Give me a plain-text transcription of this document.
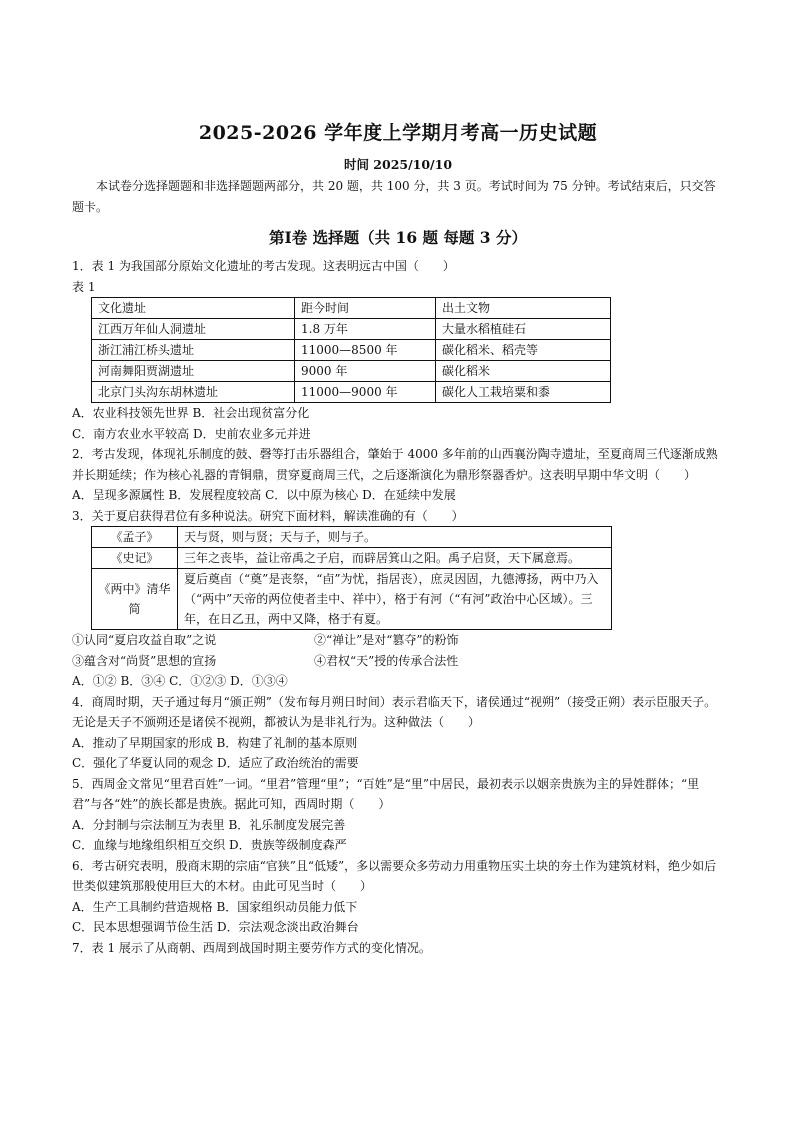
2025-2026 学年度上学期月考高一历史试题
时间 2025/10/10

本试卷分选择题题和非选择题题两部分，共 20 题，共 100 分，共 3 页。考试时间为 75 分钟。考试结束后，只交答题卡。

第Ⅰ卷 选择题（共 16 题 每题 3 分）

1．表 1 为我国部分原始文化遗址的考古发现。这表明远古中国（　　）

表 1

文化遗址	距今时间	出土文物
江西万年仙人洞遗址	1.8 万年	大量水稻植硅石
浙江浦江桥头遗址	11000—8500 年	碳化稻米、稻壳等
河南舞阳贾湖遗址	9000 年	碳化稻米
北京门头沟东胡林遗址	11000—9000 年	碳化人工栽培粟和黍

A．农业科技领先世界 B．社会出现贫富分化

C．南方农业水平较高 D．史前农业多元并进

2．考古发现，体现礼乐制度的鼓、磬等打击乐器组合，肇始于 4000 多年前的山西襄汾陶寺遗址，至夏商周三代逐渐成熟并长期延续；作为核心礼器的青铜鼎，贯穿夏商周三代，之后逐渐演化为鼎形祭器香炉。这表明早期中华文明（　　）

A．呈现多源属性 B．发展程度较高 C．以中原为核心 D．在延续中发展

3．关于夏启获得君位有多种说法。研究下面材料，解读准确的有（　　）

《孟子》	天与贤，则与贤；天与子，则与子。
《史记》	三年之丧毕，益让帝禹之子启，而辟居箕山之阳。禹子启贤，天下属意焉。
《两中》清华简	夏后奠卣（“奠”是丧祭，“卣”为忧，指居丧），庶灵因固，九德溥扬，两中乃入（“两中”天帝的两位使者圭中、祥中），格于有河（“有河”政治中心区域）。三年，在日乙丑，两中又降，格于有夏。
①认同“夏启攻益自取”之说	②“禅让”是对“篡夺”的粉饰
③蕴含对“尚贤”思想的宣扬	④君权“天”授的传承合法性

A．①② B．③④ C．①②③ D．①③④

4．商周时期，天子通过每月“颁正朔”（发布每月朔日时间）表示君临天下，诸侯通过“视朔”（接受正朔）表示臣服天子。无论是天子不颁朔还是诸侯不视朔，都被认为是非礼行为。这种做法（　　）

A．推动了早期国家的形成 B．构建了礼制的基本原则

C．强化了华夏认同的观念 D．适应了政治统治的需要

5．西周金文常见“里君百姓”一词。“里君”管理“里”；“百姓”是“里”中居民，最初表示以姻亲贵族为主的异姓群体；“里君”与各“姓”的族长都是贵族。据此可知，西周时期（　　）

A．分封制与宗法制互为表里 B．礼乐制度发展完善

C．血缘与地缘组织相互交织 D．贵族等级制度森严

6．考古研究表明，殷商末期的宗庙“官狭”且“低矮”，多以需要众多劳动力用重物压实土块的夯土作为建筑材料，绝少如后世类似建筑那般使用巨大的木材。由此可见当时（　　）

A．生产工具制约营造规格 B．国家组织动员能力低下

C．民本思想强调节俭生活 D．宗法观念淡出政治舞台

7．表 1 展示了从商朝、西周到战国时期主要劳作方式的变化情况。
